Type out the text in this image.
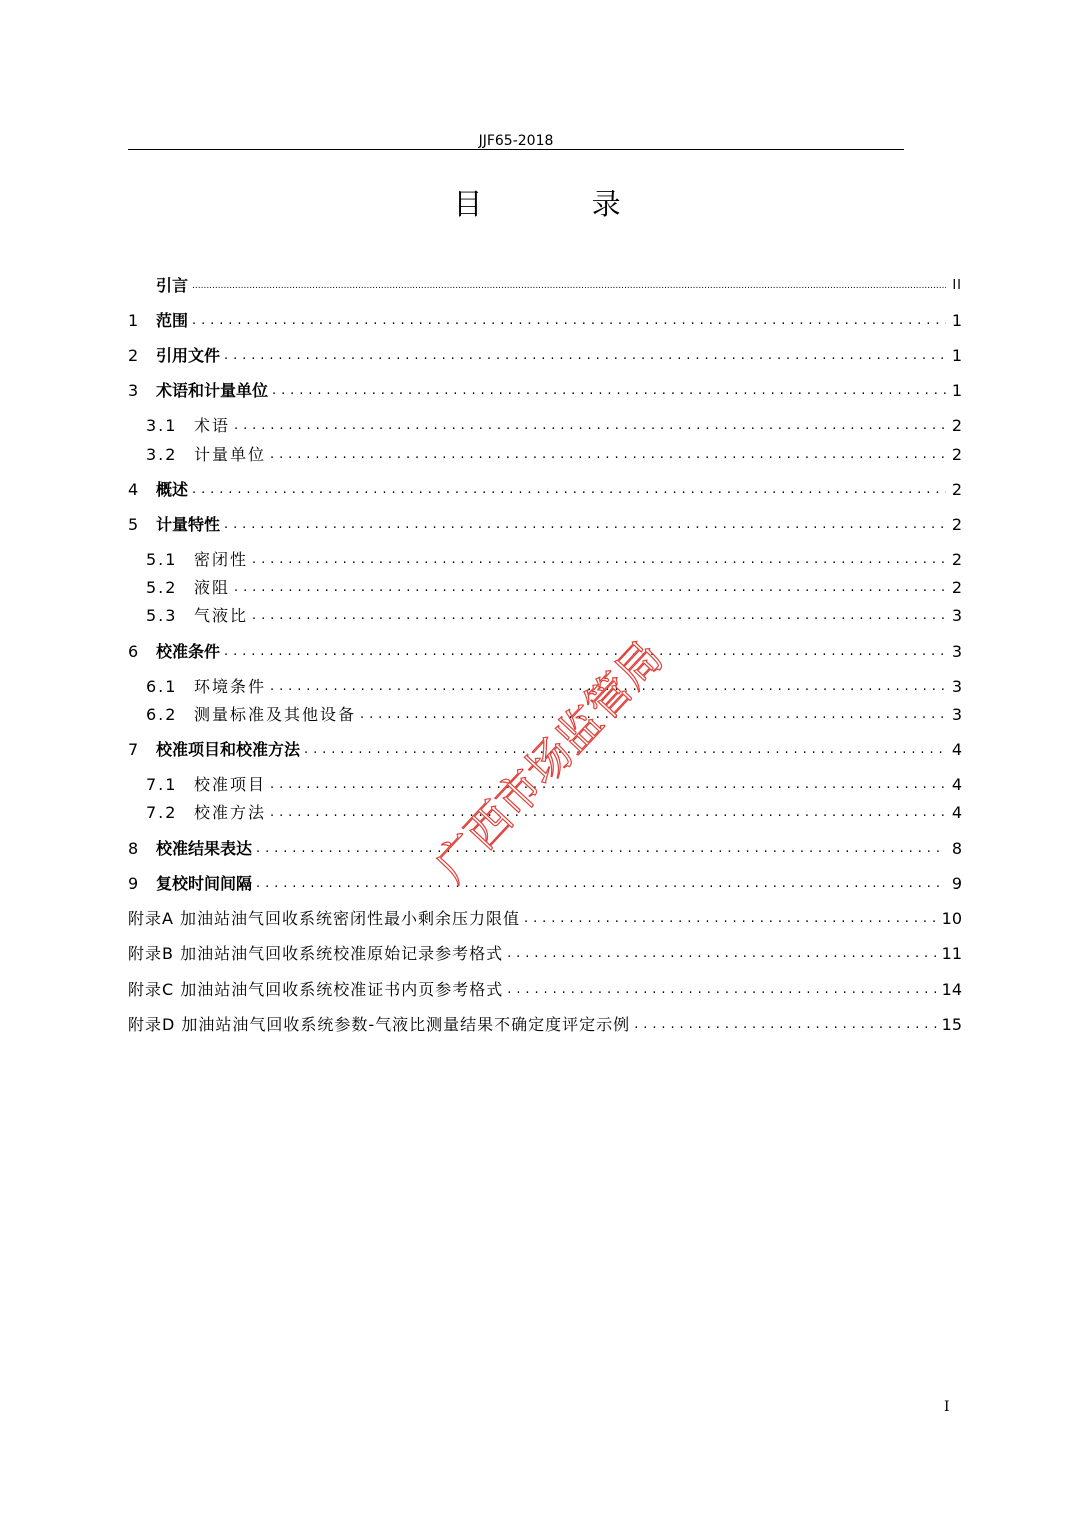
JJF65-2018
目 录
引言 .....	II
1	范围 . . .	1
2	引用文件 . . .	1
3	术语和计量单位 . . .	1
3.1	术语 . . .	2
3.2	计量单位 . . .	2
4	概述 . . .	2
5	计量特性 . . .	2
5.1	密闭性 . . .	2
5.2	液阻 . . .	2
5.3	气液比 . . .	3
6	校准条件 . . .	3
6.1	环境条件 . . .	3
6.2	测量标准及其他设备 . . .	3
7	校准项目和校准方法 . . .	4
7.1	校准项目 . . .	4
7.2	校准方法 . . .	4
8	校准结果表达 . . .	8
9	复校时间间隔 . . .	9
附录A 加油站油气回收系统密闭性最小剩余压力限值 . . .	10
附录B 加油站油气回收系统校准原始记录参考格式 . . .	11
附录C 加油站油气回收系统校准证书内页参考格式 . . .	14
附录D 加油站油气回收系统参数-气液比测量结果不确定度评定示例 . . .	15
广西市场监管局
I
